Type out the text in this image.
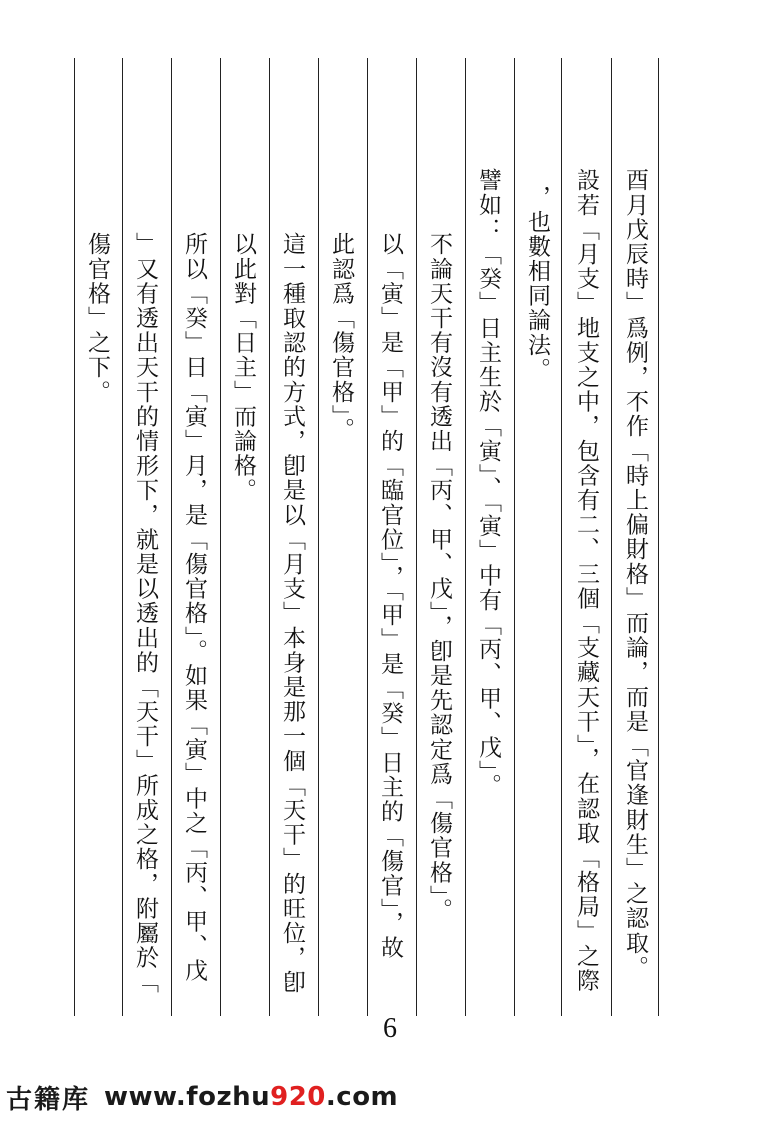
酉月戊辰時」爲例，不作「時上偏財格」而論，而是「官逢財生」之認取。
設若「月支」地支之中，包含有二、三個「支藏天干」，在認取「格局」之際
，也數相同論法。
譬如：「癸」日主生於「寅」、「寅」中有「丙、甲、戊」。
不論天干有沒有透出「丙、甲、戊」，卽是先認定爲「傷官格」。
以「寅」是「甲」的「臨官位」，「甲」是「癸」日主的「傷官」，故
此認爲「傷官格」。
這一種取認的方式，卽是以「月支」本身是那一個「天干」的旺位，卽
以此對「日主」而論格。
所以「癸」日「寅」月，是「傷官格」。如果「寅」中之「丙、甲、戊
」又有透出天干的情形下，就是以透出的「天干」所成之格，附屬於「
傷官格」之下。
6
古籍库 www.fozhu920.com
